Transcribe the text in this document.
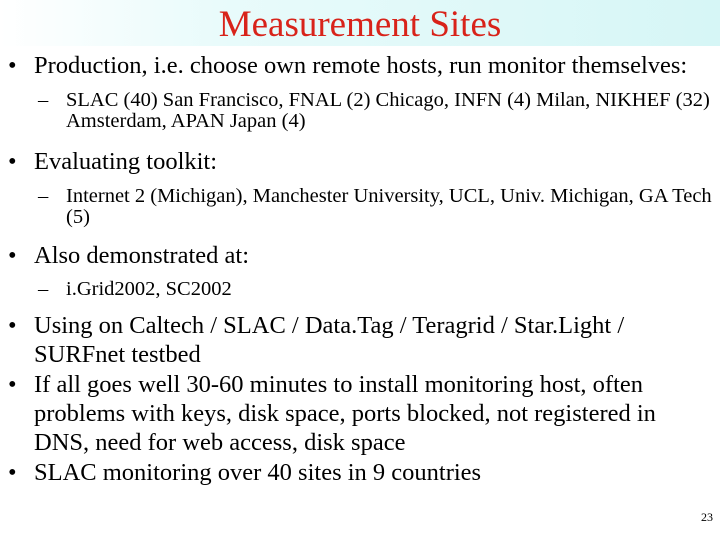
Measurement Sites
• Production, i.e. choose own remote hosts, run monitor themselves:
– SLAC (40) San Francisco, FNAL (2) Chicago, INFN (4) Milan, NIKHEF (32) Amsterdam, APAN Japan (4)
• Evaluating toolkit:
– Internet 2 (Michigan), Manchester University, UCL, Univ. Michigan, GA Tech (5)
• Also demonstrated at:
– i.Grid2002, SC2002
• Using on Caltech / SLAC / Data.Tag / Teragrid / Star.Light / SURFnet testbed
• If all goes well 30-60 minutes to install monitoring host, often problems with keys, disk space, ports blocked, not registered in DNS, need for web access, disk space
• SLAC monitoring over 40 sites in 9 countries
23
